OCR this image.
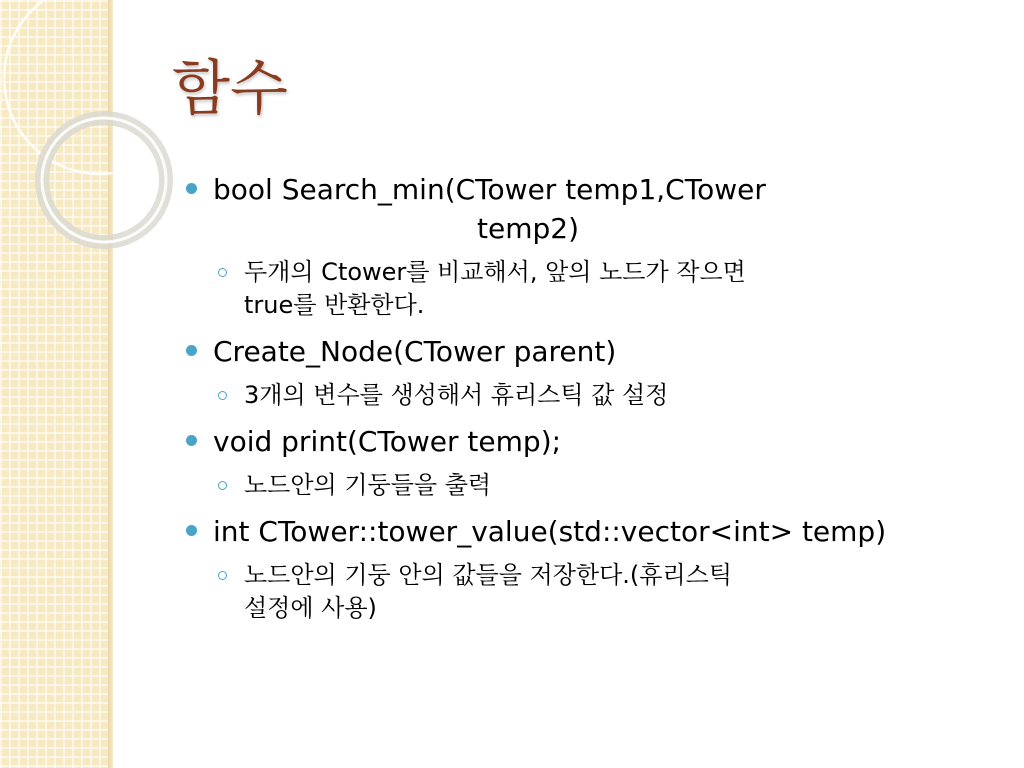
함수
bool Search_min(CTower temp1,CTower
temp2)
두개의 Ctower를 비교해서, 앞의 노드가 작으면
true를 반환한다.
Create_Node(CTower parent)
3개의 변수를 생성해서 휴리스틱 값 설정
void print(CTower temp);
노드안의 기둥들을 출력
int CTower::tower_value(std::vector<int> temp)
노드안의 기둥 안의 값들을 저장한다.(휴리스틱
설정에 사용)
